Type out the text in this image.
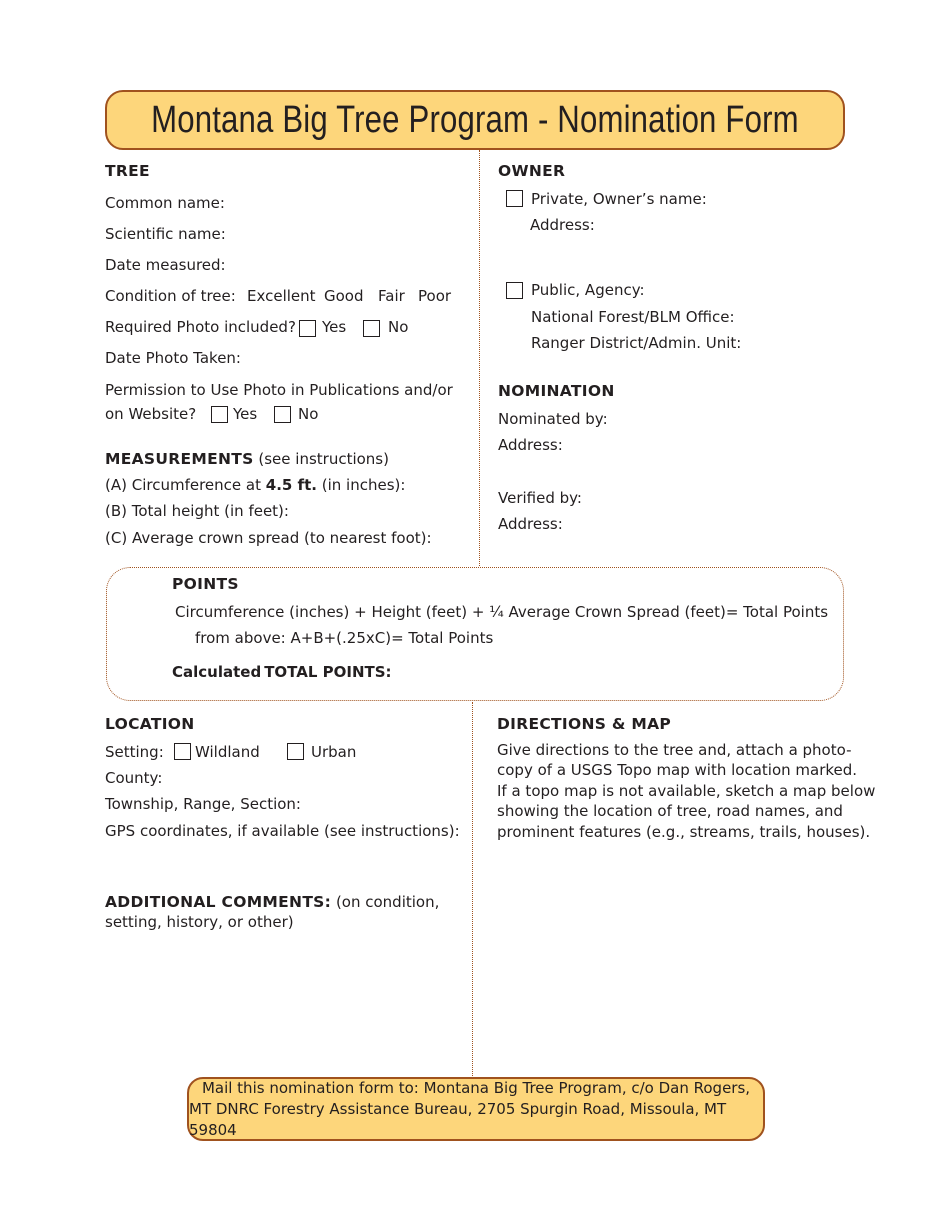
Montana Big Tree Program - Nomination Form
TREE
Common name:
Scientific name:
Date measured:
Condition of tree: Excellent Good Fair Poor
Required Photo included? Yes	No
Date Photo Taken:
Permission to Use Photo in Publications and/or
on Website? Yes	No
MEASUREMENTS (see instructions)
(A) Circumference at 4.5 ft. (in inches):
(B) Total height (in feet):
(C) Average crown spread (to nearest foot):
OWNER
Private, Owner’s name:
Address:
Public, Agency:
National Forest/BLM Office:
Ranger District/Admin. Unit:
NOMINATION
Nominated by:
Address:
Verified by:
Address:
POINTS
Circumference (inches) + Height (feet) + ¼ Average Crown Spread (feet)= Total Points
from above: A+B+(.25xC)= Total Points
Calculated TOTAL POINTS:
LOCATION
Setting: Wildland	Urban
County:
Township, Range, Section:
GPS coordinates, if available (see instructions):
ADDITIONAL COMMENTS: (on condition,
setting, history, or other)
DIRECTIONS & MAP
Give directions to the tree and, attach a photo-
copy of a USGS Topo map with location marked.
If a topo map is not available, sketch a map below
showing the location of tree, road names, and
prominent features (e.g., streams, trails, houses).
Mail this nomination form to: Montana Big Tree Program, c/o Dan Rogers,
MT DNRC Forestry Assistance Bureau, 2705 Spurgin Road, Missoula, MT 59804
